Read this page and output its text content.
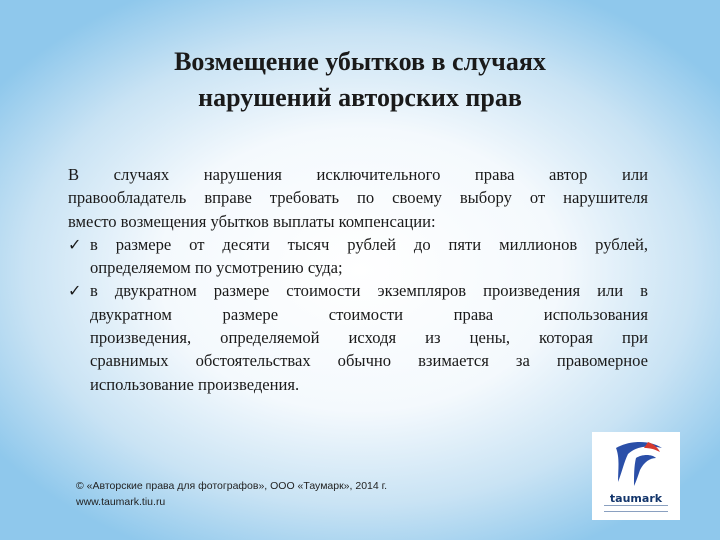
Возмещение убытков в случаях
нарушений авторских прав

В случаях нарушения исключительного права автор или
правообладатель вправе требовать по своему выбору от нарушителя
вместо возмещения убытков выплаты компенсации:

✓ в размере от десяти тысяч рублей до пяти миллионов рублей,
определяемом по усмотрению суда;
✓ в двукратном размере стоимости экземпляров произведения или в
двукратном размере стоимости права использования
произведения, определяемой исходя из цены, которая при
сравнимых обстоятельствах обычно взимается за правомерное
использование произведения.
© «Авторские права для фотографов», ООО «Таумарк», 2014 г.
www.taumark.tiu.ru	taumark
